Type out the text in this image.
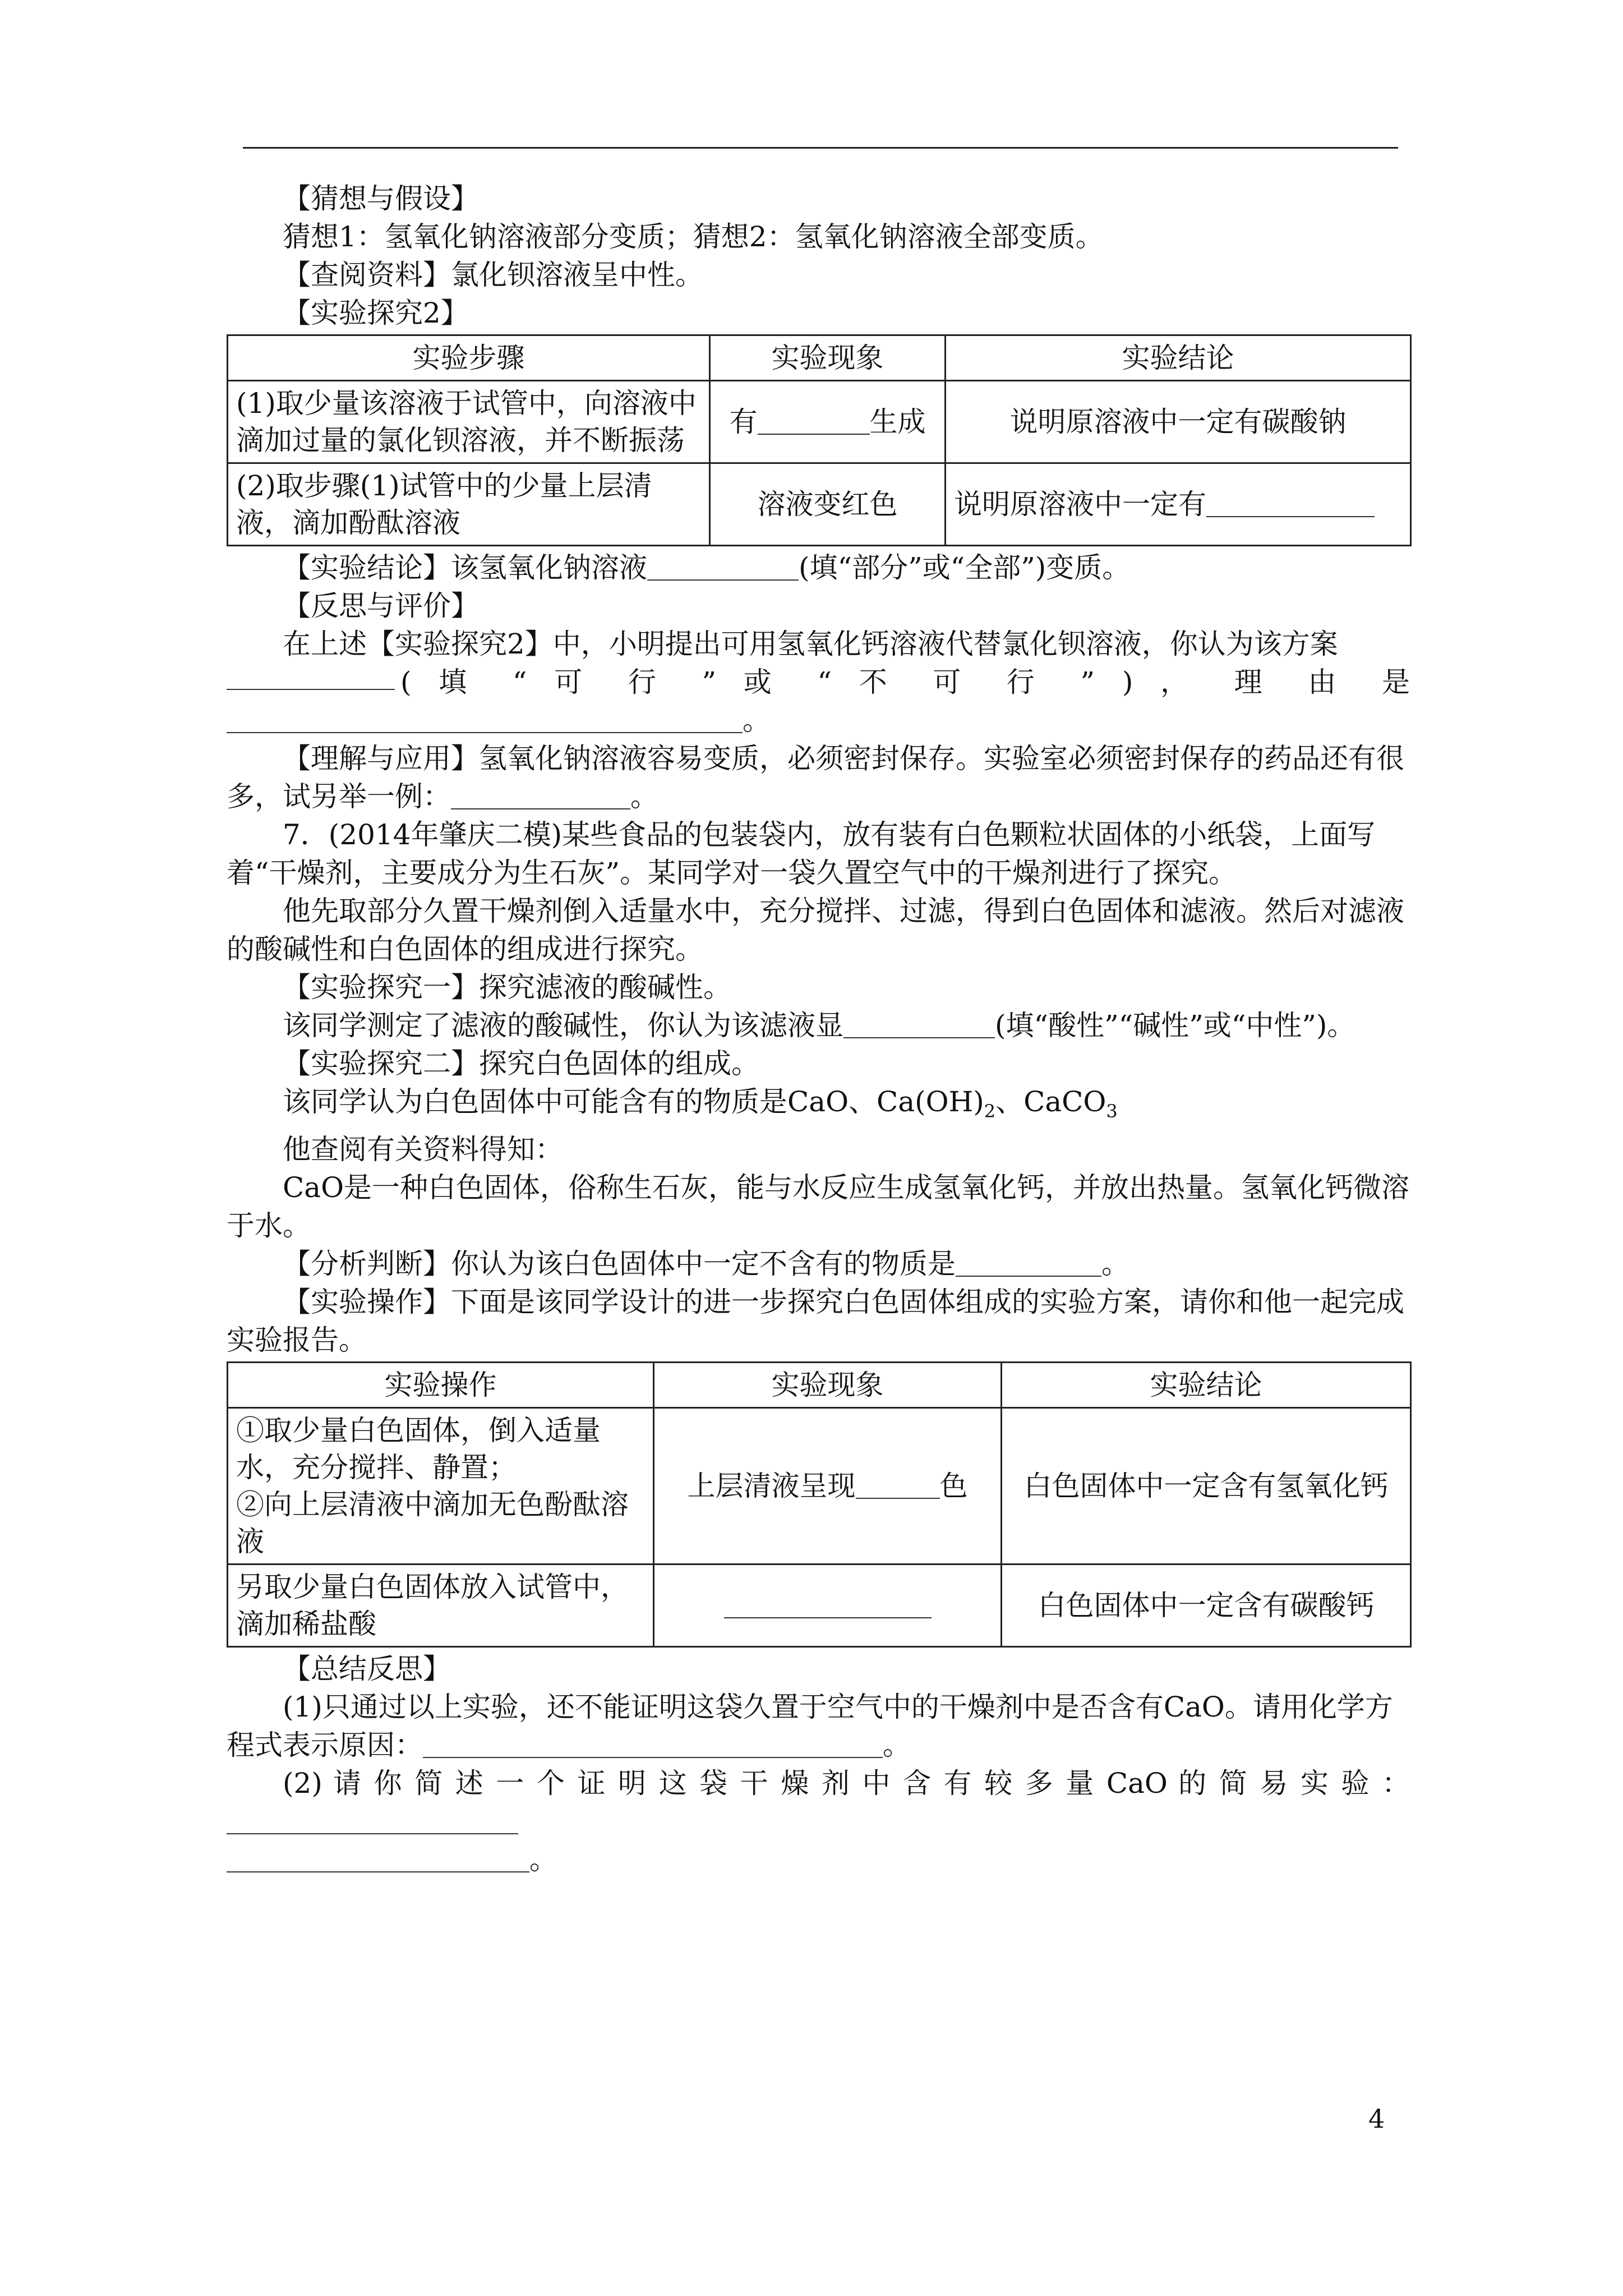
【猜想与假设】

猜想1：氢氧化钠溶液部分变质；猜想2：氢氧化钠溶液全部变质。

【查阅资料】氯化钡溶液呈中性。

【实验探究2】

实验步骤	实验现象	实验结论
(1)取少量该溶液于试管中，向溶液中滴加过量的氯化钡溶液，并不断振荡	有 生成	说明原溶液中一定有碳酸钠
(2)取步骤(1)试管中的少量上层清液，滴加酚酞溶液	溶液变红色	说明原溶液中一定有

【实验结论】该氢氧化钠溶液	(填“部分”或“全部”)变质。

【反思与评价】

在上述【实验探究2】中，小明提出可用氢氧化钙溶液代替氯化钡溶液，你认为该方案

( 填 “ 可 行 ” 或 “ 不 可 行 ” ) ， 理 由 是

。

【理解与应用】氢氧化钠溶液容易变质，必须密封保存。实验室必须密封保存的药品还有很多，试另举一例：	。

7．(2014年肇庆二模)某些食品的包装袋内，放有装有白色颗粒状固体的小纸袋，上面写着“干燥剂，主要成分为生石灰”。某同学对一袋久置空气中的干燥剂进行了探究。

他先取部分久置干燥剂倒入适量水中，充分搅拌、过滤，得到白色固体和滤液。然后对滤液的酸碱性和白色固体的组成进行探究。

【实验探究一】探究滤液的酸碱性。

该同学测定了滤液的酸碱性，你认为该滤液显	(填“酸性”“碱性”或“中性”)。

【实验探究二】探究白色固体的组成。

该同学认为白色固体中可能含有的物质是CaO、$Ca(OH)_2$、CaCO$_3$

他查阅有关资料得知：

CaO是一种白色固体，俗称生石灰，能与水反应生成氢氧化钙，并放出热量。氢氧化钙微溶于水。

【分析判断】你认为该白色固体中一定不含有的物质是	。

【实验操作】下面是该同学设计的进一步探究白色固体组成的实验方案，请你和他一起完成实验报告。

实验操作	实验现象	实验结论

①取少量白色固体，倒入适量水，充分搅拌、静置；
②向上层清液中滴加无色酚酞溶液	上层清液呈现 色	白色固体中一定含有氢氧化钙
另取少量白色固体放入试管中，滴加稀盐酸		白色固体中一定含有碳酸钙

【总结反思】

(1)只通过以上实验，还不能证明这袋久置于空气中的干燥剂中是否含有CaO。请用化学方程式表示原因：	。

(2) 请 你 简 述 一 个 证 明 这 袋 干 燥 剂 中 含 有 较 多 量 CaO 的 简 易 实 验 ：

。

4
